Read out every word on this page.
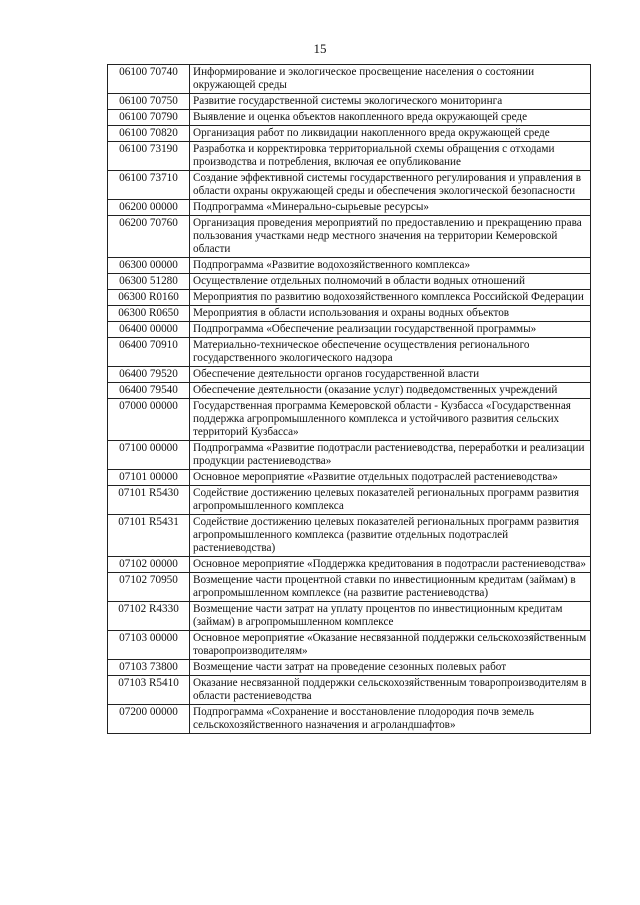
15
06100 70740	Информирование и экологическое просвещение населения о состоянии окружающей среды
06100 70750	Развитие государственной системы экологического мониторинга
06100 70790	Выявление и оценка объектов накопленного вреда окружающей среде
06100 70820	Организация работ по ликвидации накопленного вреда окружающей среде
06100 73190	Разработка и корректировка территориальной схемы обращения с отходами производства и потребления, включая ее опубликование
06100 73710	Создание эффективной системы государственного регулирования и управления в области охраны окружающей среды и обеспечения экологической безопасности
06200 00000	Подпрограмма «Минерально-сырьевые ресурсы»
06200 70760	Организация проведения мероприятий по предоставлению и прекращению права пользования участками недр местного значения на территории Кемеровской области
06300 00000	Подпрограмма «Развитие водохозяйственного комплекса»
06300 51280	Осуществление отдельных полномочий в области водных отношений
06300 R0160	Мероприятия по развитию водохозяйственного комплекса Российской Федерации
06300 R0650	Мероприятия в области использования и охраны водных объектов
06400 00000	Подпрограмма «Обеспечение реализации государственной программы»
06400 70910	Материально-техническое обеспечение осуществления регионального государственного экологического надзора
06400 79520	Обеспечение деятельности органов государственной власти
06400 79540	Обеспечение деятельности (оказание услуг) подведомственных учреждений
07000 00000	Государственная программа Кемеровской области - Кузбасса «Государственная поддержка агропромышленного комплекса и устойчивого развития сельских территорий Кузбасса»
07100 00000	Подпрограмма «Развитие подотрасли растениеводства, переработки и реализации продукции растениеводства»
07101 00000	Основное мероприятие «Развитие отдельных подотраслей растениеводства»
07101 R5430	Содействие достижению целевых показателей региональных программ развития агропромышленного комплекса
07101 R5431	Содействие достижению целевых показателей региональных программ развития агропромышленного комплекса (развитие отдельных подотраслей растениеводства)
07102 00000	Основное мероприятие «Поддержка кредитования в подотрасли растениеводства»
07102 70950	Возмещение части процентной ставки по инвестиционным кредитам (займам) в агропромышленном комплексе (на развитие растениеводства)
07102 R4330	Возмещение части затрат на уплату процентов по инвестиционным кредитам (займам) в агропромышленном комплексе
07103 00000	Основное мероприятие «Оказание несвязанной поддержки сельскохозяйственным товаропроизводителям»
07103 73800	Возмещение части затрат на проведение сезонных полевых работ
07103 R5410	Оказание несвязанной поддержки сельскохозяйственным товаропроизводителям в области растениеводства
07200 00000	Подпрограмма «Сохранение и восстановление плодородия почв земель сельскохозяйственного назначения и агроландшафтов»
